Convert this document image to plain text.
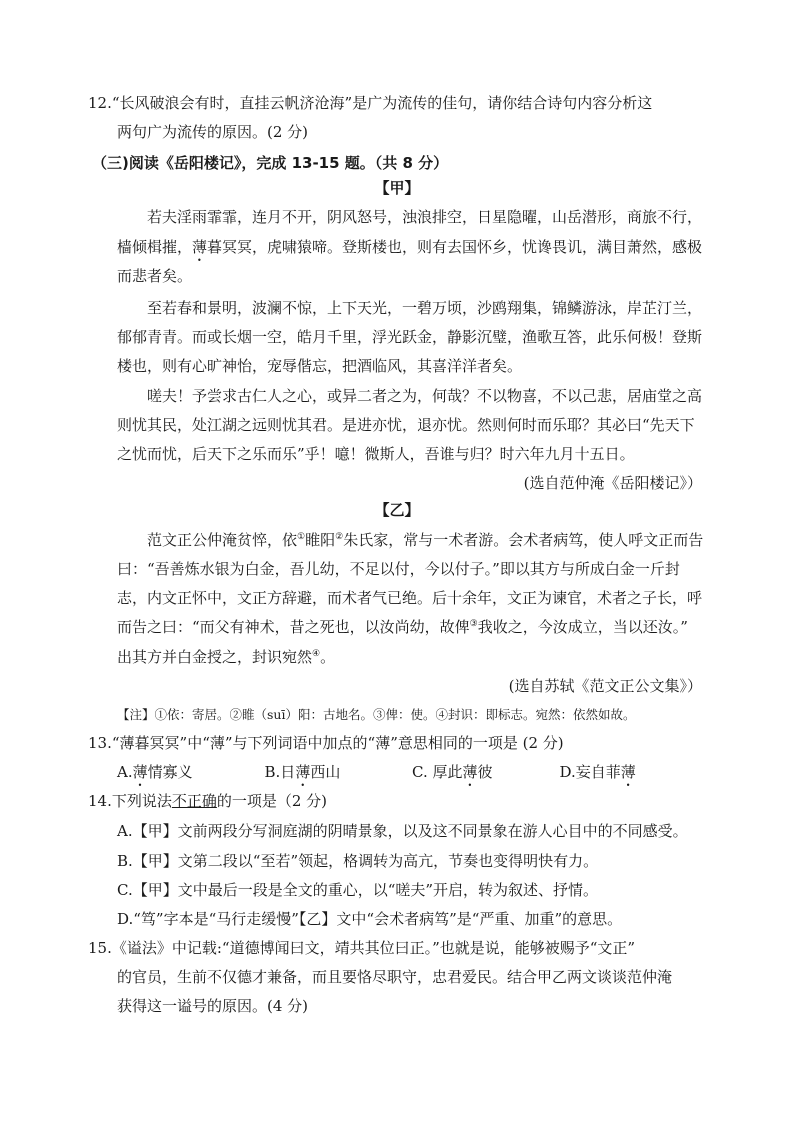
12.“长风破浪会有时，直挂云帆济沧海”是广为流传的佳句，请你结合诗句内容分析这
两句广为流传的原因。(2 分)
（三)阅读《岳阳楼记》，完成 13-15 题。（共 8 分）
【甲】
若夫淫雨霏霏，连月不开，阴风怒号，浊浪排空，日星隐曜，山岳潜形，商旅不行，
樯倾楫摧，薄暮冥冥，虎啸猿啼。登斯楼也，则有去国怀乡，忧谗畏讥，满目萧然，感极
而悲者矣。
至若春和景明，波澜不惊，上下天光，一碧万顷，沙鸥翔集，锦鳞游泳，岸芷汀兰，
郁郁青青。而或长烟一空，皓月千里，浮光跃金，静影沉璧，渔歌互答，此乐何极！登斯
楼也，则有心旷神怡，宠辱偕忘，把酒临风，其喜洋洋者矣。
嗟夫！予尝求古仁人之心，或异二者之为，何哉？不以物喜，不以己悲，居庙堂之高
则忧其民，处江湖之远则忧其君。是进亦忧，退亦忧。然则何时而乐耶？其必曰“先天下
之忧而忧，后天下之乐而乐”乎！噫！微斯人，吾谁与归？时六年九月十五日。
(选自范仲淹《岳阳楼记》）
【乙】
范文正公仲淹贫悴，依①睢阳②朱氏家，常与一术者游。会术者病笃，使人呼文正而告
曰：“吾善炼水银为白金，吾儿幼，不足以付，今以付子。”即以其方与所成白金一斤封
志，内文正怀中，文正方辞避，而术者气已绝。后十余年，文正为谏官，术者之子长，呼
而告之曰：“而父有神术，昔之死也，以汝尚幼，故俾③我收之，今汝成立，当以还汝。”
出其方并白金授之，封识宛然④。
(选自苏轼《范文正公文集》）
【注】①依：寄居。②睢（suī）阳：古地名。③俾：使。④封识：即标志。宛然：依然如故。
13.“薄暮冥冥”中“薄”与下列词语中加点的“薄”意思相同的一项是 (2 分)
A.薄情寡义	B.日薄西山	C. 厚此薄彼	D.妄自菲薄
14.下列说法不正确的一项是（2 分)
A.【甲】文前两段分写洞庭湖的阴晴景象，以及这不同景象在游人心目中的不同感受。
B.【甲】文第二段以“至若”领起，格调转为高亢，节奏也变得明快有力。
C.【甲】文中最后一段是全文的重心，以“嗟夫”开启，转为叙述、抒情。
D.“笃”字本是“马行走缓慢”【乙】文中“会术者病笃”是“严重、加重”的意思。
15.《谥法》中记载:“道德博闻曰文，靖共其位曰正。”也就是说，能够被赐予“文正”
的官员，生前不仅德才兼备，而且要恪尽职守，忠君爱民。结合甲乙两文谈谈范仲淹
获得这一谥号的原因。(4 分)
